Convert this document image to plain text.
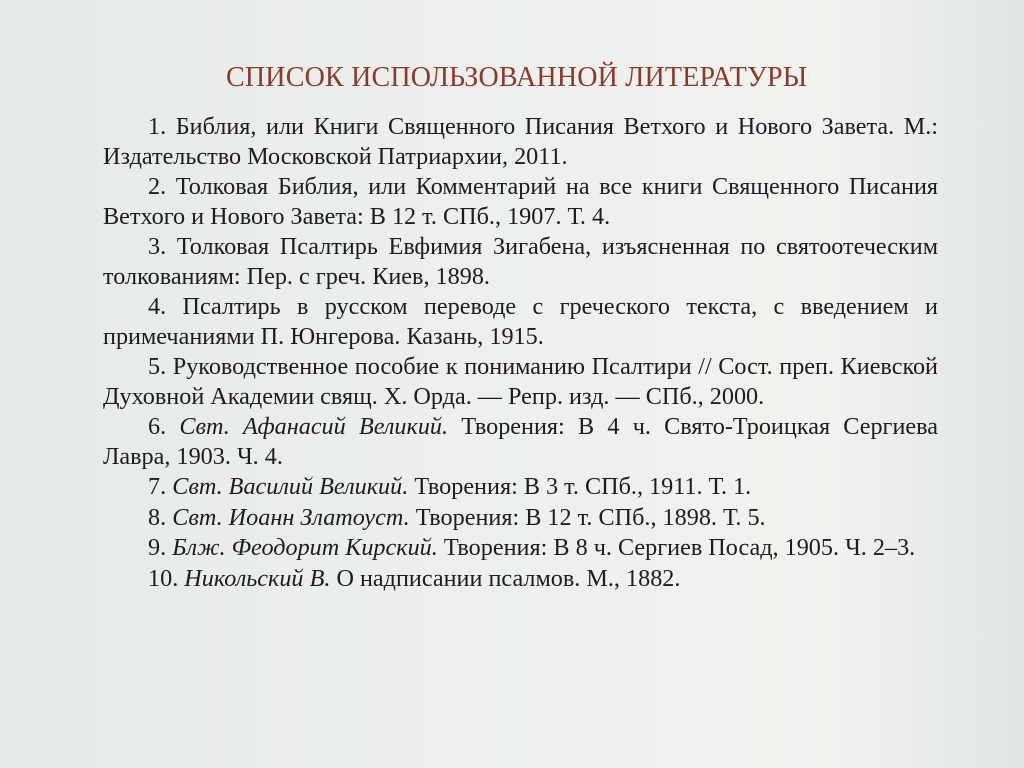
СПИСОК ИСПОЛЬЗОВАННОЙ ЛИТЕРАТУРЫ
1. Библия, или Книги Священного Писания Ветхого и Нового Завета. М.: Издательство Московской Патриархии, 2011.
2. Толковая Библия, или Комментарий на все книги Священного Писания Ветхого и Нового Завета: В 12 т. СПб., 1907. Т. 4.
3. Толковая Псалтирь Евфимия Зигабена, изъясненная по святоотеческим толкованиям: Пер. с греч. Киев, 1898.
4. Псалтирь в русском переводе с греческого текста, с введением и примечаниями П. Юнгерова. Казань, 1915.
5. Руководственное пособие к пониманию Псалтири // Сост. преп. Киевской Духовной Академии свящ. Х. Орда. — Репр. изд. — СПб., 2000.
6. Свт. Афанасий Великий. Творения: В 4 ч. Свято-Троицкая Сергиева Лавра, 1903. Ч. 4.
7. Свт. Василий Великий. Творения: В 3 т. СПб., 1911. Т. 1.
8. Свт. Иоанн Златоуст. Творения: В 12 т. СПб., 1898. Т. 5.
9. Блж. Феодорит Кирский. Творения: В 8 ч. Сергиев Посад, 1905. Ч. 2–3.
10. Никольский В. О надписании псалмов. М., 1882.
